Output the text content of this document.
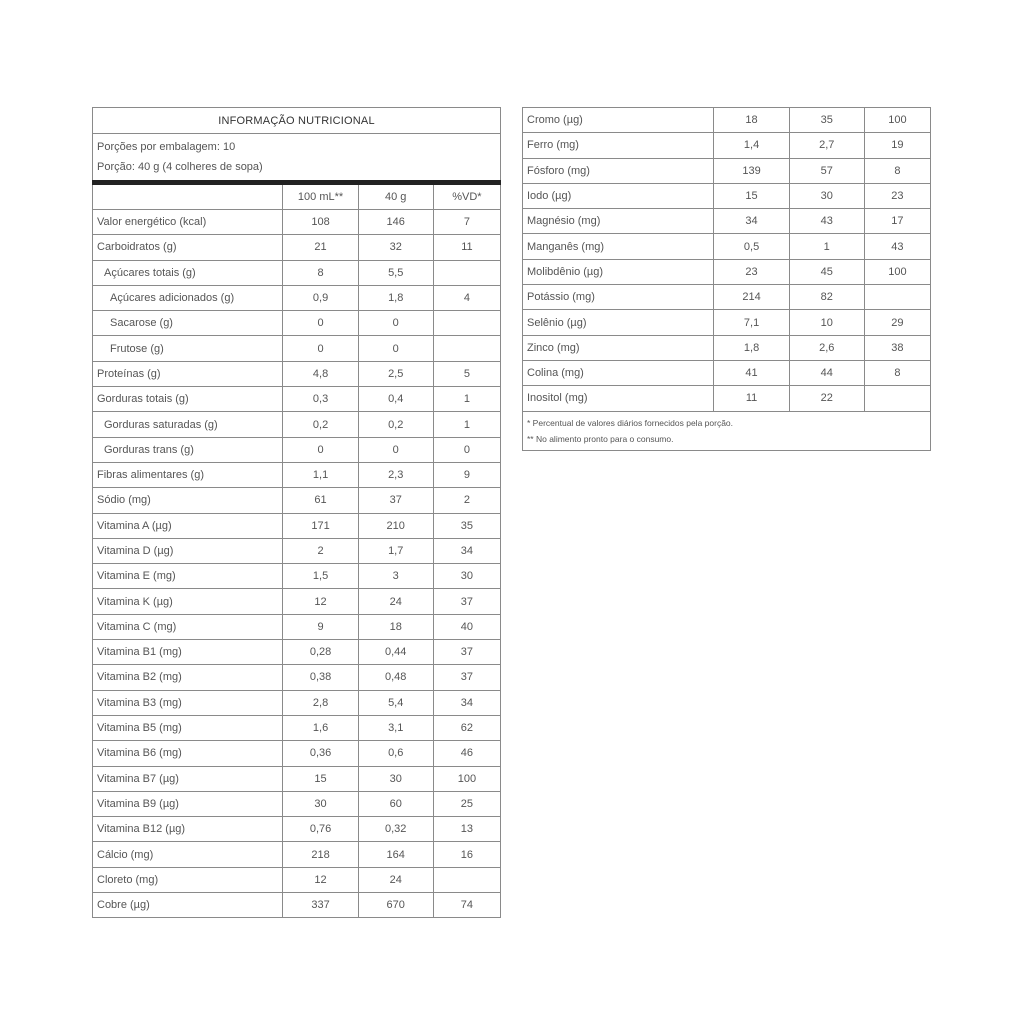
INFORMAÇÃO NUTRICIONAL			

Porções por embalagem: 10
Porção: 40 g (4 colheres de sopa)			

	100 mL**	40 g	%VD*
Valor energético (kcal)	108	146	7
Carboidratos (g)	21	32	11
Açúcares totais (g)	8	5,5	
Açúcares adicionados (g)	0,9	1,8	4
Sacarose (g)	0	0	
Frutose (g)	0	0	
Proteínas (g)	4,8	2,5	5
Gorduras totais (g)	0,3	0,4	1
Gorduras saturadas (g)	0,2	0,2	1
Gorduras trans (g)	0	0	0
Fibras alimentares (g)	1,1	2,3	9
Sódio (mg)	61	37	2
Vitamina A (µg)	171	210	35
Vitamina D (µg)	2	1,7	34
Vitamina E (mg)	1,5	3	30
Vitamina K (µg)	12	24	37
Vitamina C (mg)	9	18	40
Vitamina B1 (mg)	0,28	0,44	37
Vitamina B2 (mg)	0,38	0,48	37
Vitamina B3 (mg)	2,8	5,4	34
Vitamina B5 (mg)	1,6	3,1	62
Vitamina B6 (mg)	0,36	0,6	46
Vitamina B7 (µg)	15	30	100
Vitamina B9 (µg)	30	60	25
Vitamina B12 (µg)	0,76	0,32	13
Cálcio (mg)	218	164	16
Cloreto (mg)	12	24	
Cobre (µg)	337	670	74
Cromo (µg)	18	35	100
Ferro (mg)	1,4	2,7	19
Fósforo (mg)	139	57	8
Iodo (µg)	15	30	23
Magnésio (mg)	34	43	17
Manganês (mg)	0,5	1	43
Molibdênio (µg)	23	45	100
Potássio (mg)	214	82	
Selênio (µg)	7,1	10	29
Zinco (mg)	1,8	2,6	38
Colina (mg)	41	44	8
Inositol (mg)	11	22	

* Percentual de valores diários fornecidos pela porção.
** No alimento pronto para o consumo.			
